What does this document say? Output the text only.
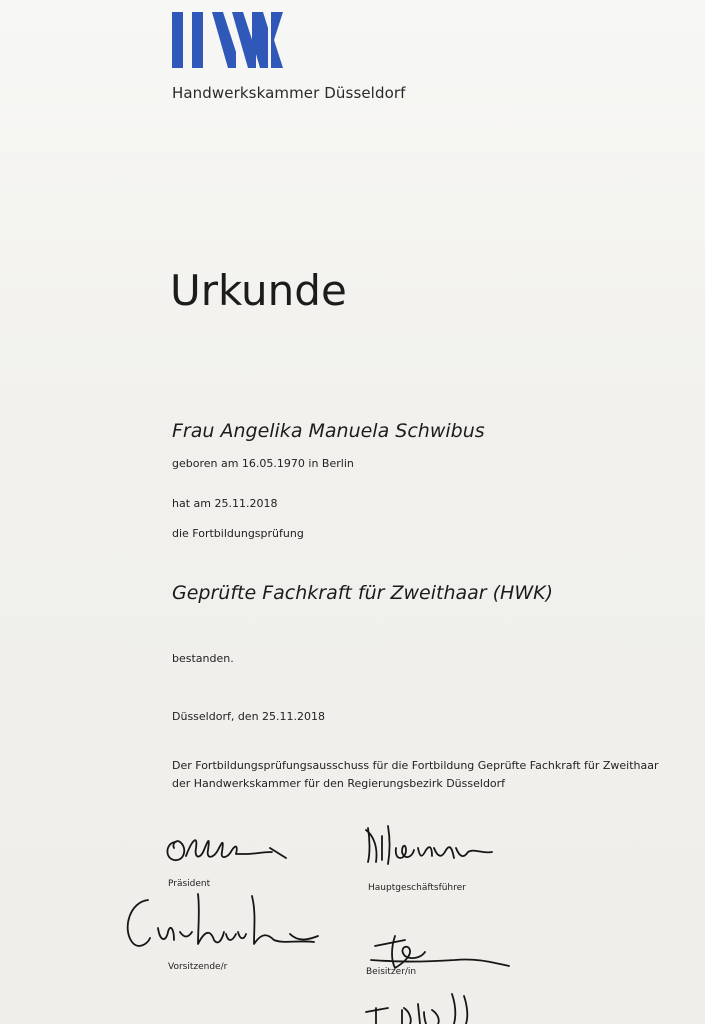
Handwerkskammer Düsseldorf
Urkunde
Frau Angelika Manuela Schwibus
geboren am 16.05.1970 in Berlin
hat am 25.11.2018
die Fortbildungsprüfung
Geprüfte Fachkraft für Zweithaar (HWK)
bestanden.
Düsseldorf, den 25.11.2018
Der Fortbildungsprüfungsausschuss für die Fortbildung Geprüfte Fachkraft für Zweithaar
der Handwerkskammer für den Regierungsbezirk Düsseldorf
Präsident	Hauptgeschäftsführer
Vorsitzende/r	Beisitzer/in
